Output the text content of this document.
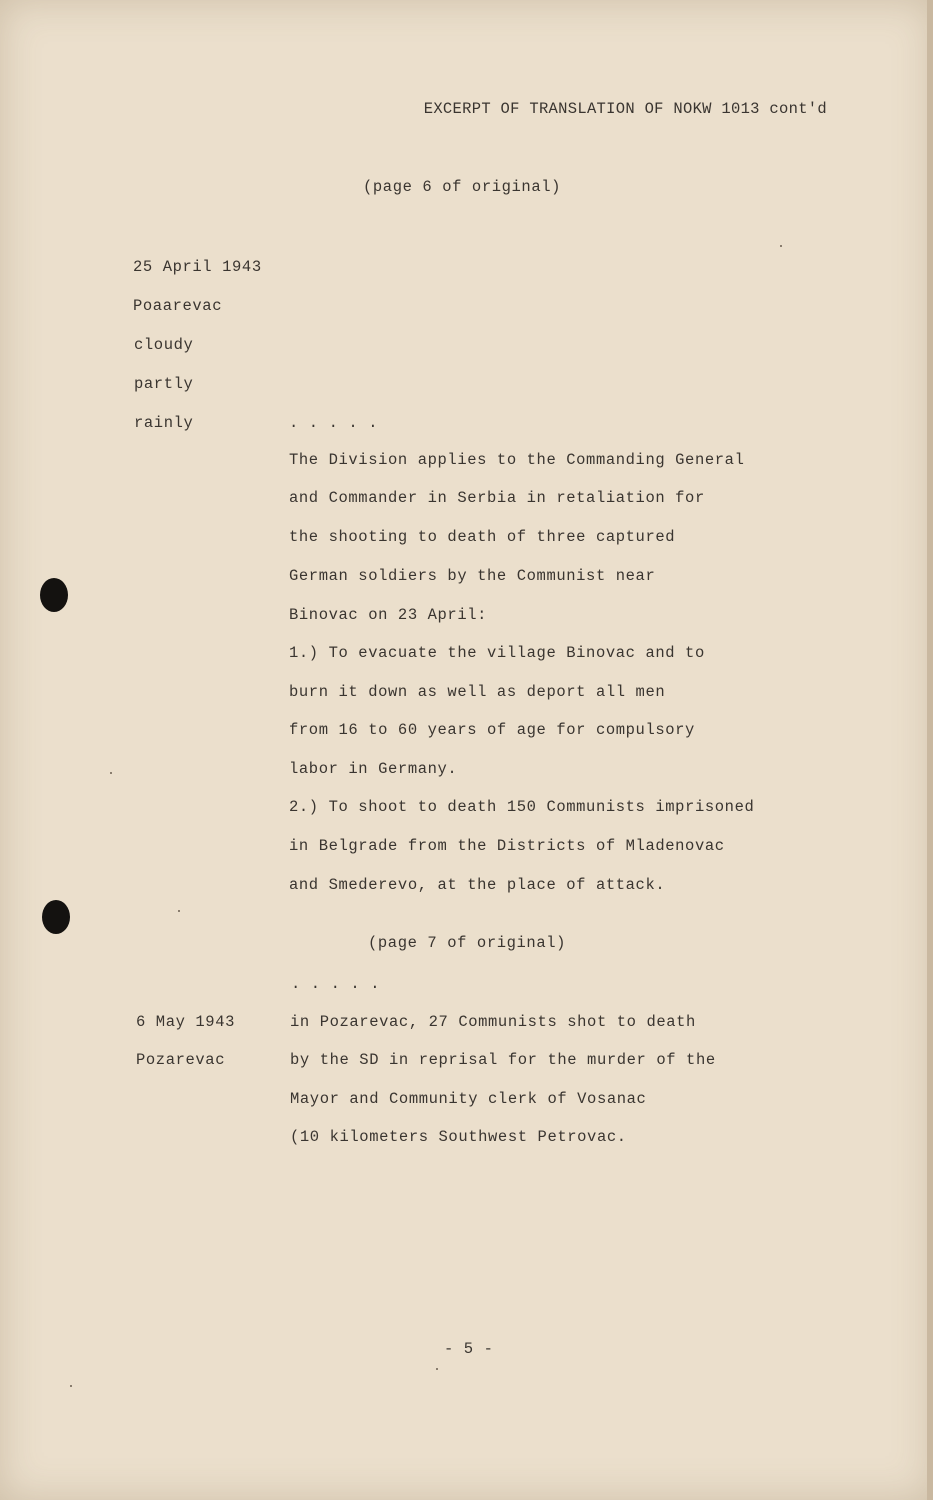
EXCERPT OF TRANSLATION OF NOKW 1013 cont'd
(page 6 of original)
25 April 1943
Poaarevac
cloudy
partly
rainly	. . . . .
The Division applies to the Commanding General
and Commander in Serbia in retaliation for
the shooting to death of three captured
German soldiers by the Communist near
Binovac on 23 April:
1.) To evacuate the village Binovac and to
burn it down as well as deport all men
from 16 to 60 years of age for compulsory
labor in Germany.
2.) To shoot to death 150 Communists imprisoned
in Belgrade from the Districts of Mladenovac
and Smederevo, at the place of attack.
(page 7 of original)
. . . . .
6 May 1943
Pozarevac
in Pozarevac, 27 Communists shot to death
by the SD in reprisal for the murder of the
Mayor and Community clerk of Vosanac
(10 kilometers Southwest Petrovac.
- 5 -
